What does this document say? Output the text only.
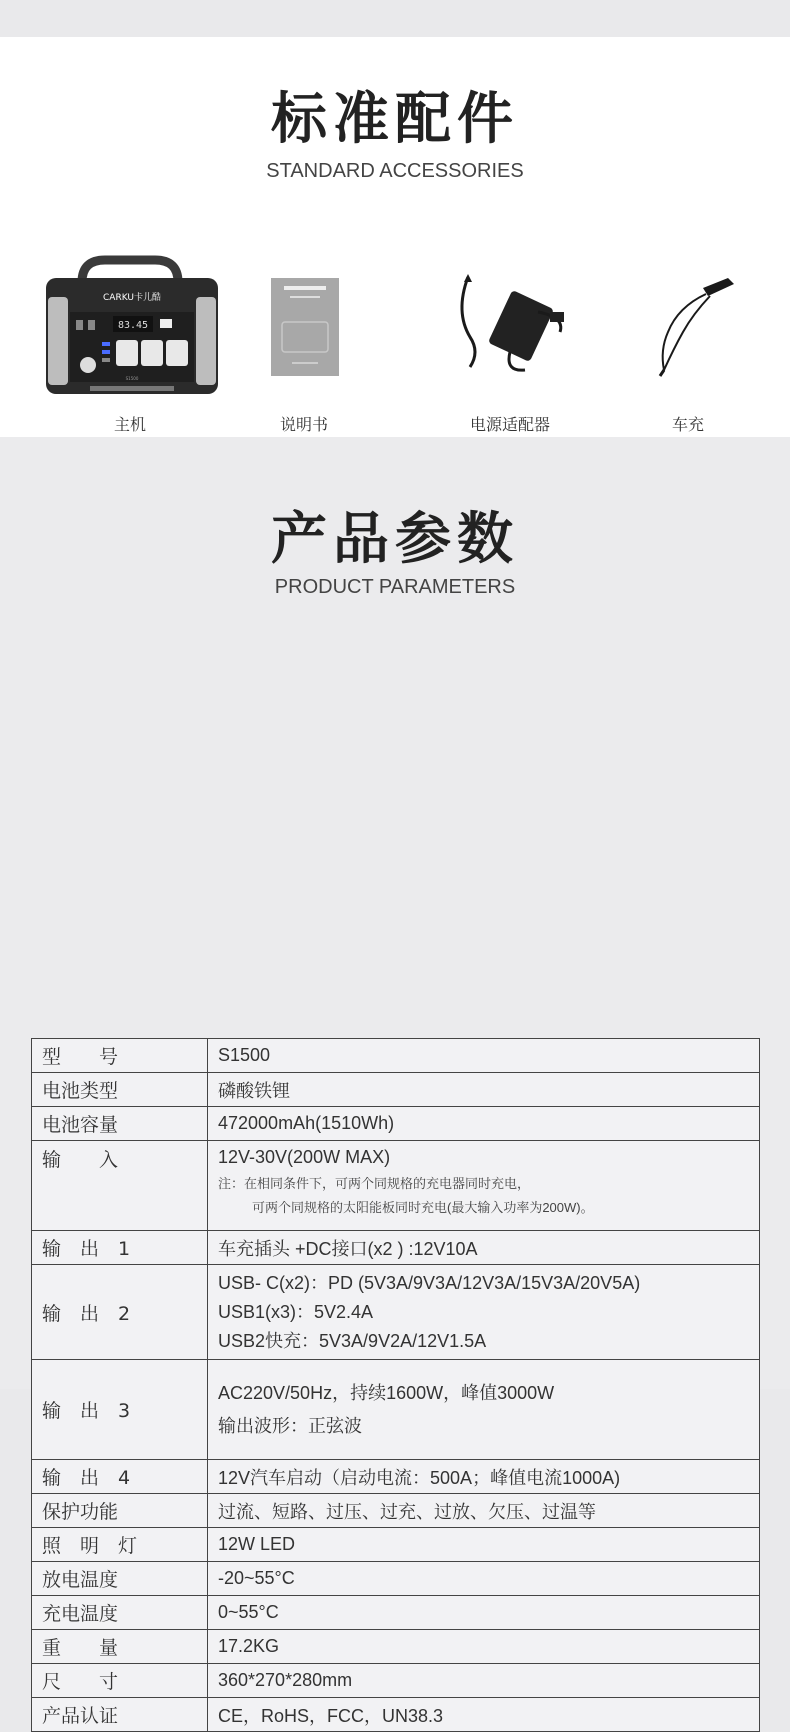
标准配件
STANDARD ACCESSORIES
CARKU卡儿酷
83.45
S1500
主机	说明书	电源适配器	车充
产品参数
PRODUCT PARAMETERS
型　　号	S1500
电池类型	磷酸铁锂
电池容量	472000mAh(1510Wh)
输　　入	12V-30V(200W MAX)
注：在相同条件下，可两个同规格的充电器同时充电，
可两个同规格的太阳能板同时充电(最大输入功率为200W)。

输　出　1	车充插头 +DC接口(x2 ) :12V10A
输　出　2	USB- C(x2)：PD (5V3A/9V3A/12V3A/15V3A/20V5A)
USB1(x3)：5V2.4A
USB2快充：5V3A/9V2A/12V1.5A

输　出　3	AC220V/50Hz，持续1600W，峰值3000W
输出波形：正弦波

输　出　4	12V汽车启动（启动电流：500A；峰值电流1000A)
保护功能	过流、短路、过压、过充、过放、欠压、过温等
照　明　灯	12W LED
放电温度	-20~55°C
充电温度	0~55°C
重　　量	17.2KG
尺　　寸	360*270*280mm
产品认证	CE，RoHS，FCC，UN38.3
